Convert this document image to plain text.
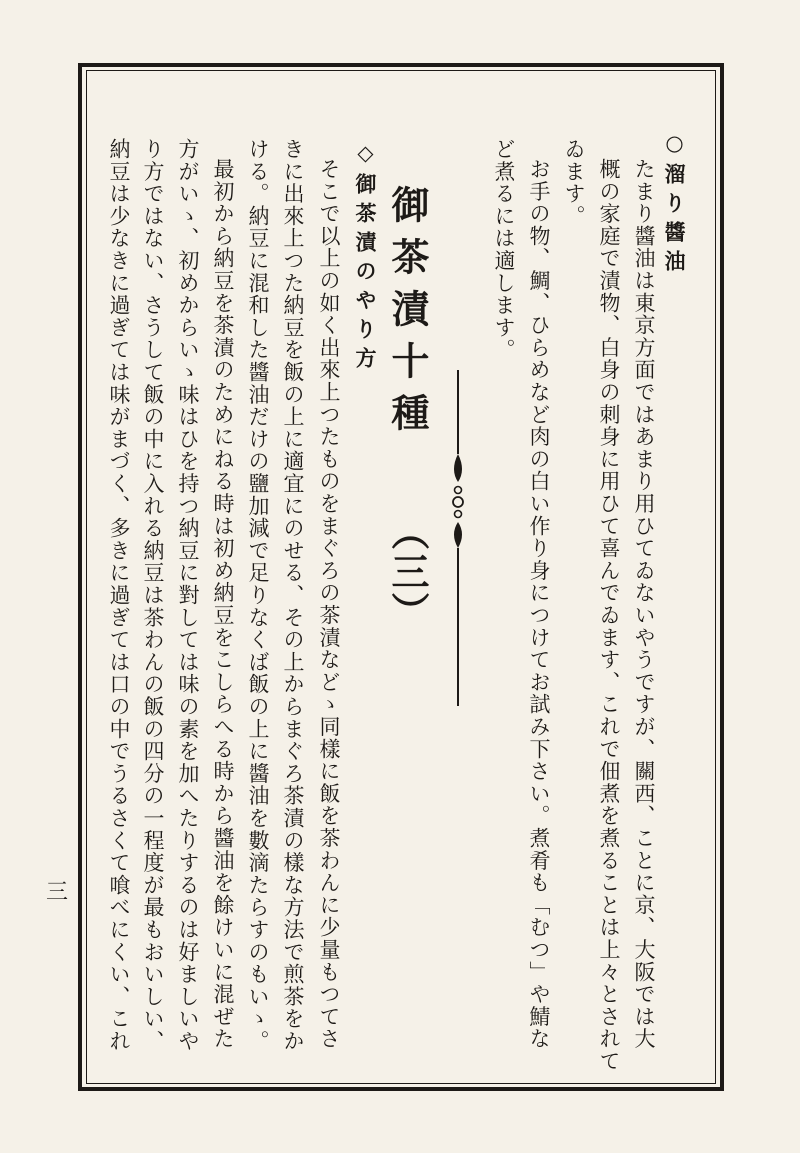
○溜り醬油
たまり醬油は東京方面ではあまり用ひてゐないやうですが、關西、ことに京、大阪では大
概の家庭で漬物、白身の刺身に用ひて喜んでゐます、これで佃煮を煮ることは上々とされて
ゐます。
お手の物、鯛、ひらめなど肉の白い作り身につけてお試み下さい。煮肴も「むつ」や鯖な
ど煮るには適します。
御茶漬十種
（三）
◇御茶漬のやり方
そこで以上の如く出來上つたものをまぐろの茶漬などゝ同樣に飯を茶わんに少量もつてさ
きに出來上つた納豆を飯の上に適宜にのせる、その上からまぐろ茶漬の樣な方法で煎茶をか
ける。納豆に混和した醬油だけの鹽加減で足りなくば飯の上に醬油を數滴たらすのもいゝ。
最初から納豆を茶漬のためにねる時は初め納豆をこしらへる時から醬油を餘けいに混ぜた
方がいゝ、初めからいゝ味はひを持つ納豆に對しては味の素を加へたりするのは好ましいや
り方ではない、さうして飯の中に入れる納豆は茶わんの飯の四分の一程度が最もおいしい、
納豆は少なきに過ぎては味がまづく、多きに過ぎては口の中でうるさくて喰べにくい、これ
三
